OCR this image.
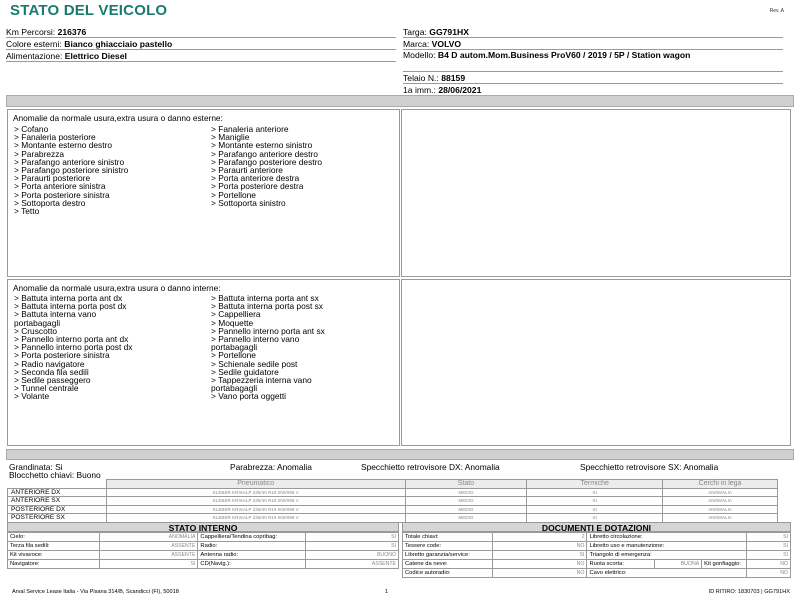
STATO DEL VEICOLO	Rev. A
Km Percorsi: 216376
Colore esterni: Bianco ghiacciaio pastello
Alimentazione: Elettrico Diesel
Targa: GG791HX
Marca: VOLVO
Modello: B4 D autom.Mom.Business ProV60 / 2019 / 5P / Station wagon
Telaio N.: 88159
1a imm.: 28/06/2021
Anomalie da normale usura,extra usura o danno esterne:
> Cofano
> Fanaleria posteriore
> Montante esterno destro
> Parabrezza
> Parafango anteriore sinistro
> Parafango posteriore sinistro
> Paraurti posteriore
> Porta anteriore sinistra
> Porta posteriore sinistra
> Sottoporta destro
> Tetto
> Fanaleria anteriore
> Maniglie
> Montante esterno sinistro
> Parafango anteriore destro
> Parafango posteriore destro
> Paraurti anteriore
> Porta anteriore destra
> Porta posteriore destra
> Portellone
> Sottoporta sinistro
Anomalie da normale usura,extra usura o danno interne:
> Battuta interna porta ant dx
> Battuta interna porta post dx
> Battuta interna vano
portabagagli
> Cruscotto
> Pannello interno porta ant dx
> Pannello interno porta post dx
> Porta posteriore sinistra
> Radio navigatore
> Seconda fila sedili
> Sedile passeggero
> Tunnel centrale
> Volante
> Battuta interna porta ant sx
> Battuta interna porta post sx
> Cappelliera
> Moquette
> Pannello interno porta ant sx
> Pannello interno vano
portabagagli
> Portellone
> Schienale sedile post
> Sedile guidatore
> Tappezzeria interna vano
portabagagli
> Vano porta oggetti
Grandinata: Si
Blocchetto chiavi: Buono
Parabrezza: Anomalia	Specchietto retrovisore DX: Anomalia	Specchietto retrovisore SX: Anomalia
	Pneumatico	Stato	Termiche	Cerchi in lega
ANTERIORE DX	KLEBER KRISALP 235/40 R19 000/096 V	MEDIO	SI	ANOMALIA
ANTERIORE SX	KLEBER KRISALP 235/40 R19 000/096 V	MEDIO	SI	ANOMALIA
POSTERIORE DX	KLEBER KRISALP 235/40 R19 000/096 V	MEDIO	SI	ANOMALIA
POSTERIORE SX	KLEBER KRISALP 235/40 R19 000/096 V	MEDIO	SI	ANOMALIA
STATO INTERNO
Cielo:	ANOMALIA	Cappelliera/Tendina copribag:	SI
Terza fila sedili:	ASSENTE	Radio:	SI
Kit vivavoce:	ASSENTE	Antenna radio:	BUONO
Navigatore:	SI	CD(Navig.):	ASSENTE
DOCUMENTI E DOTAZIONI
Totale chiavi:	2	Libretto circolazione:			SI
Tessere code:	NO	Libretto uso e manutenzione:			SI
Libretto garanzia/service:	SI	Triangolo di emergenza:			SI
Catene da neve:	NO	Ruota scorta:	BUONA	Kit gonfiaggio:	NO
Codice autoradio:	NO	Cavo elettrico:			NO
Arval Service Lease Italia - Via Pisana 314/B, Scandicci (FI), 50018	1	ID RITIRO: 1830703 | GG791HX
